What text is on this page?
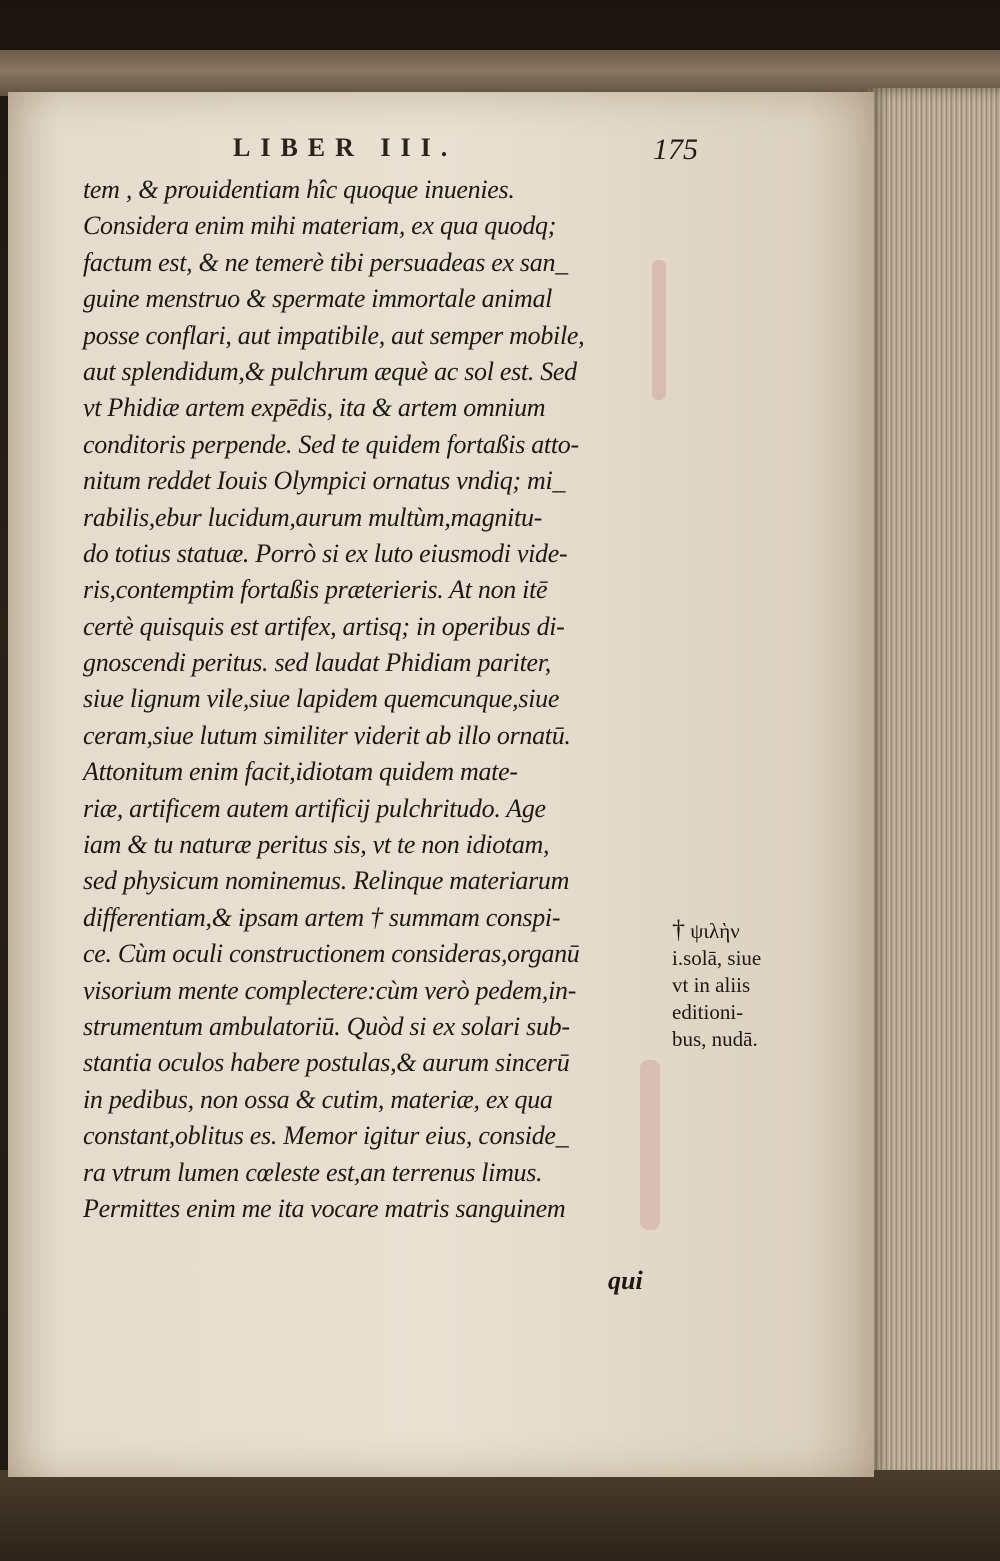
LIBER III.	175
tem , & prouidentiam hîc quoque inuenies.
Considera enim mihi materiam, ex qua quodq;
factum est, & ne temerè tibi persuadeas ex san_
guine menstruo & spermate immortale animal
posse conflari, aut impatibile, aut semper mobile,
aut splendidum,& pulchrum æquè ac sol est. Sed
vt Phidiæ artem expēdis, ita & artem omnium
conditoris perpende. Sed te quidem fortaßis atto-
nitum reddet Iouis Olympici ornatus vndiq; mi_
rabilis,ebur lucidum,aurum multùm,magnitu-
do totius statuæ. Porrò si ex luto eiusmodi vide-
ris,contemptim fortaßis præterieris. At non itē
certè quisquis est artifex, artisq; in operibus di-
gnoscendi peritus. sed laudat Phidiam pariter,
siue lignum vile,siue lapidem quemcunque,siue
ceram,siue lutum similiter viderit ab illo ornatū.
Attonitum enim facit,idiotam quidem mate-
riæ, artificem autem artificij pulchritudo. Age
iam & tu naturæ peritus sis, vt te non idiotam,
sed physicum nominemus. Relinque materiarum
differentiam,& ipsam artem † summam conspi-
ce. Cùm oculi constructionem consideras,organū
visorium mente complectere:cùm verò pedem,in-
strumentum ambulatoriū. Quòd si ex solari sub-
stantia oculos habere postulas,& aurum sincerū
in pedibus, non ossa & cutim, materiæ, ex qua
constant,oblitus es. Memor igitur eius, conside_
ra vtrum lumen cœleste est,an terrenus limus.
Permittes enim me ita vocare matris sanguinem
qui
† ψιλὴν
i.solā, siue
vt in aliis
editioni-
bus, nudā.
